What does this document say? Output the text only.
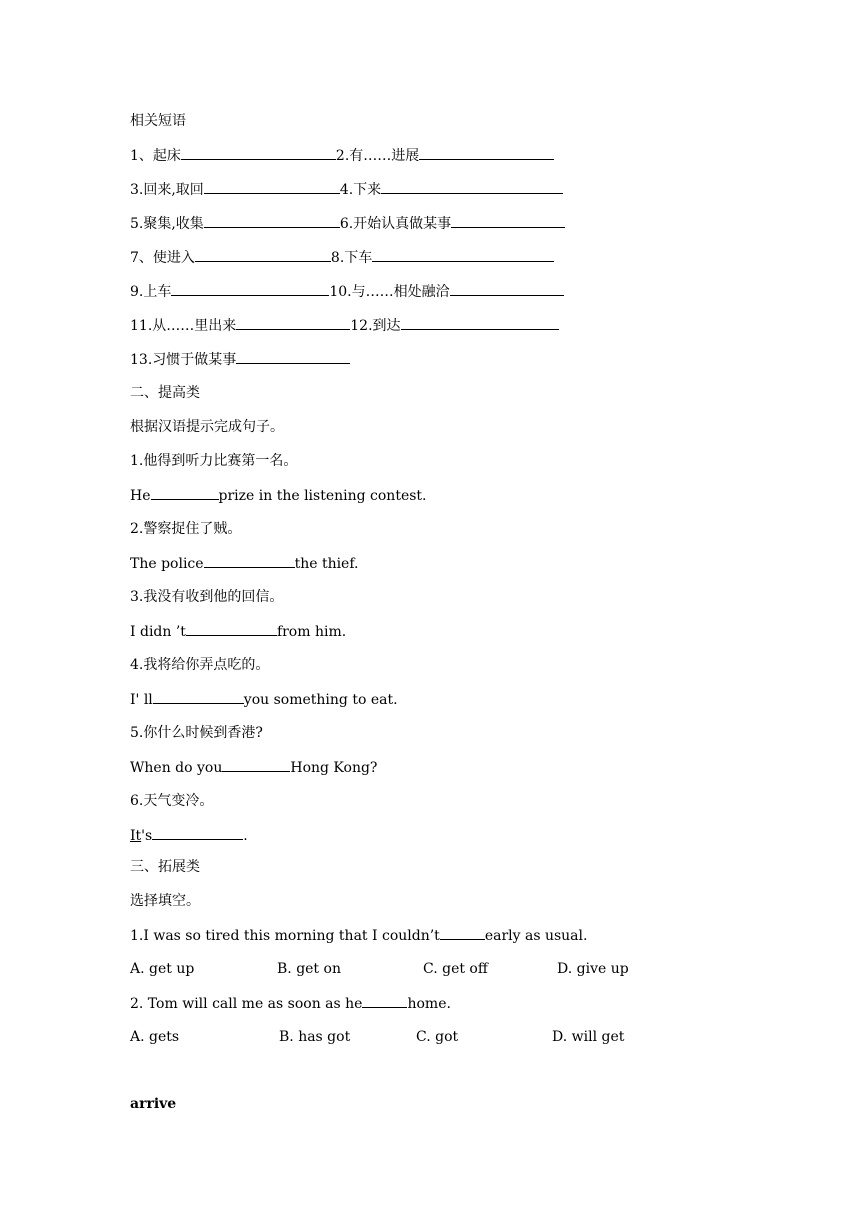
相关短语
1、起床	2.有……进展
3.回来,取回	4.下来
5.聚集,收集	6.开始认真做某事
7、使进入	8.下车
9.上车	10.与……相处融洽
11.从……里出来	12.到达
13.习惯于做某事
二、提高类
根据汉语提示完成句子。
1.他得到听力比赛第一名。
He	prize in the listening contest.
2.警察捉住了贼。
The police	the thief.
3.我没有收到他的回信。
I didn ’t	from him.
4.我将给你弄点吃的。
I' ll	you something to eat.
5.你什么时候到香港?
When do you	Hong Kong?
6.天气变冷。
It's	.
三、拓展类
选择填空。
1.I was so tired this morning that I couldn’t	early as usual.
A. get up	B. get on	C. get off	D. give up
2. Tom will call me as soon as he	home.
A. gets	B. has got	C. got	D. will get
arrive
